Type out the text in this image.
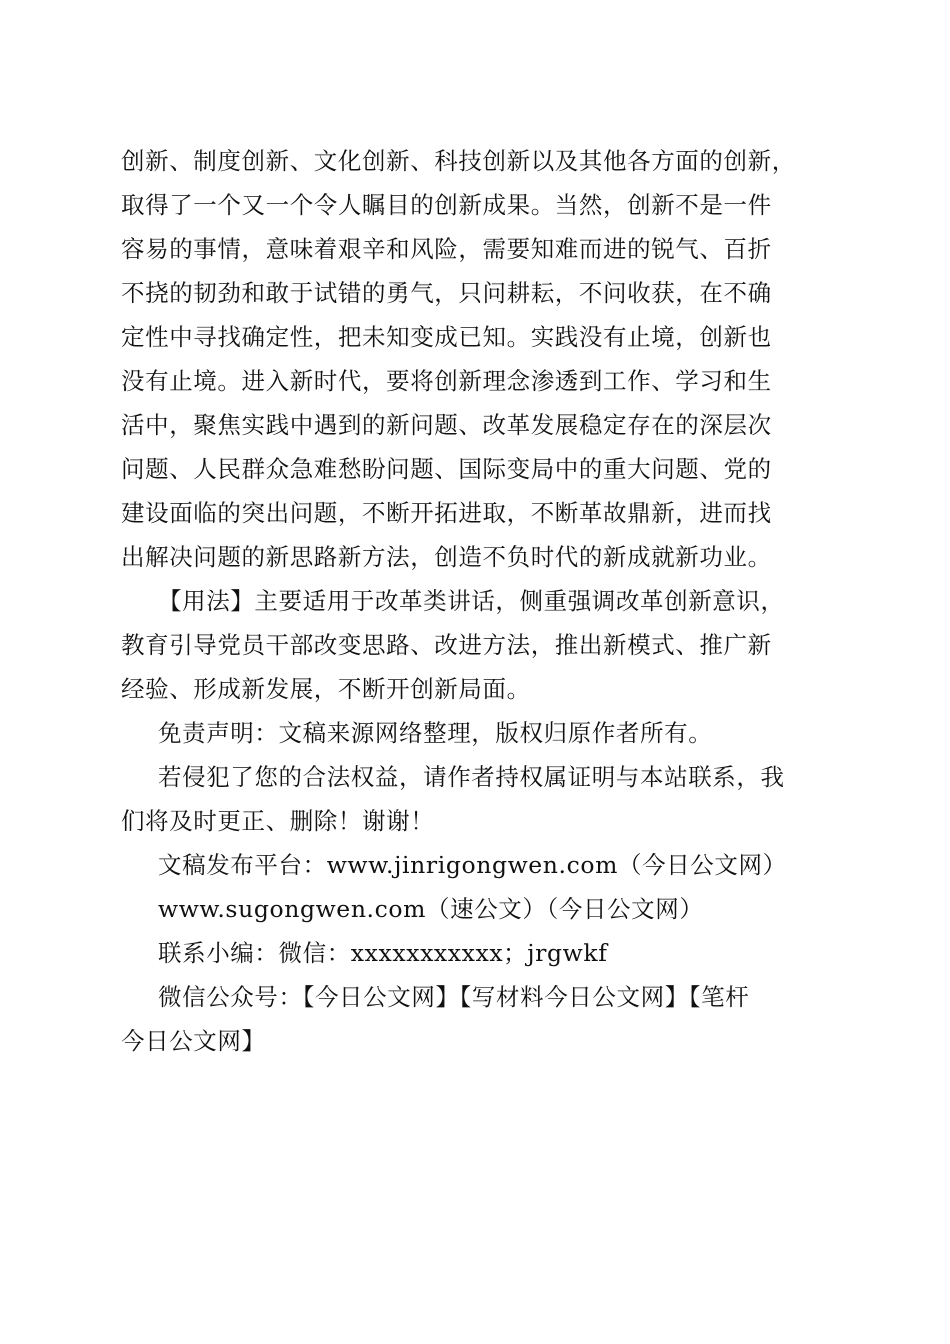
创新、制度创新、文化创新、科技创新以及其他各方面的创新，
取得了一个又一个令人瞩目的创新成果。当然，创新不是一件
容易的事情，意味着艰辛和风险，需要知难而进的锐气、百折
不挠的韧劲和敢于试错的勇气，只问耕耘，不问收获，在不确
定性中寻找确定性，把未知变成已知。实践没有止境，创新也
没有止境。进入新时代，要将创新理念渗透到工作、学习和生
活中，聚焦实践中遇到的新问题、改革发展稳定存在的深层次
问题、人民群众急难愁盼问题、国际变局中的重大问题、党的
建设面临的突出问题，不断开拓进取，不断革故鼎新，进而找
出解决问题的新思路新方法，创造不负时代的新成就新功业。
【用法】主要适用于改革类讲话，侧重强调改革创新意识，
教育引导党员干部改变思路、改进方法，推出新模式、推广新
经验、形成新发展，不断开创新局面。
免责声明：文稿来源网络整理，版权归原作者所有。
若侵犯了您的合法权益，请作者持权属证明与本站联系，我
们将及时更正、删除！谢谢！
文稿发布平台：www.jinrigongwen.com（今日公文网）
www.sugongwen.com（速公文）（今日公文网）
联系小编：微信：xxxxxxxxxxx；jrgwkf
微信公众号：【今日公文网】【写材料今日公文网】【笔杆
今日公文网】
